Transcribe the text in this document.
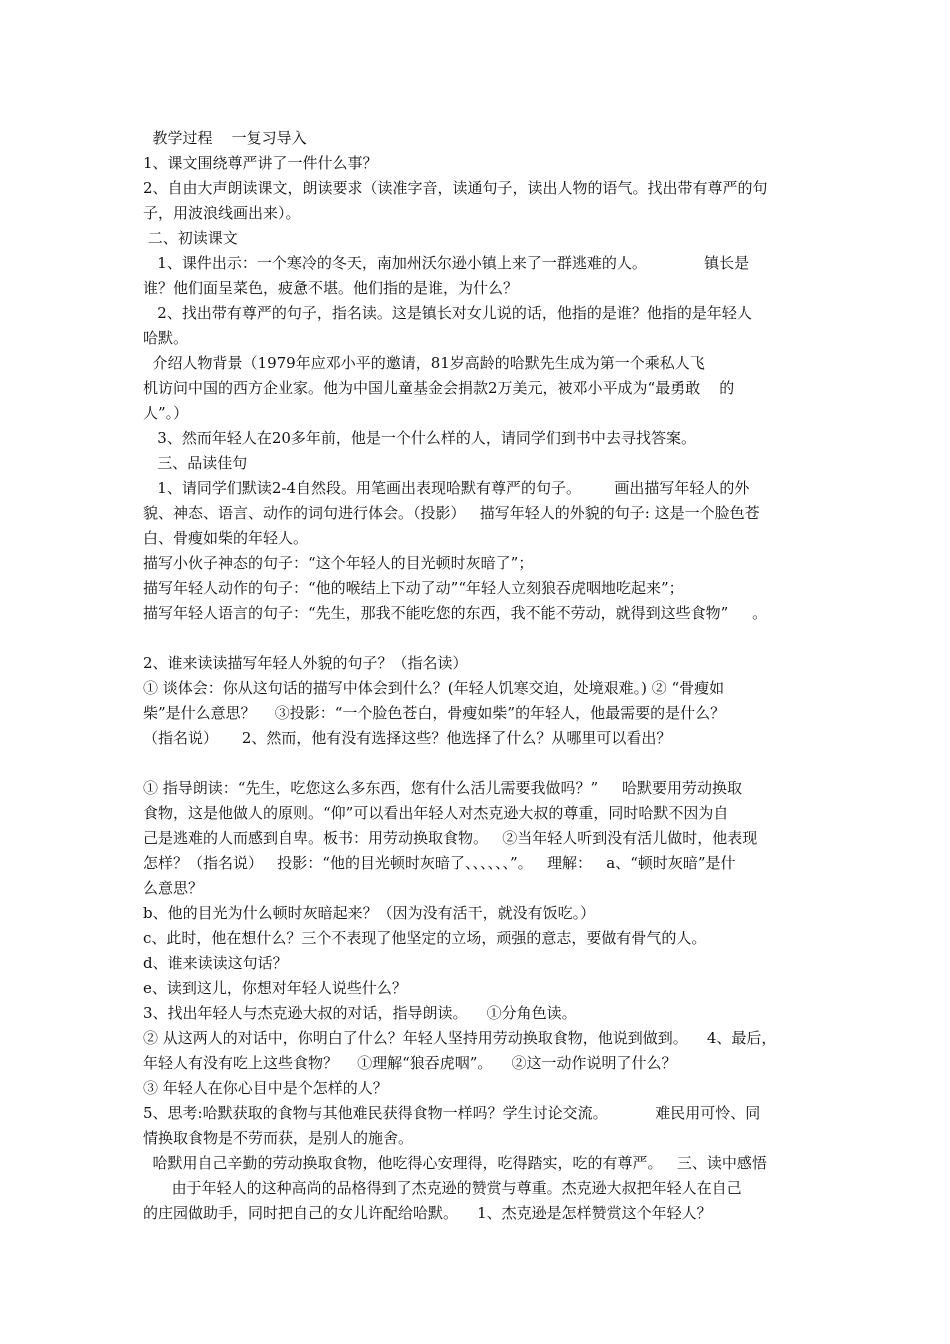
教学过程    一复习导入
1、课文围绕尊严讲了一件什么事？
2、自由大声朗读课文，朗读要求（读准字音，读通句子，读出人物的语气。找出带有尊严的句
子，用波浪线画出来）。
二、初读课文
1、课件出示：一个寒冷的冬天，南加州沃尔逊小镇上来了一群逃难的人。            镇长是
谁？他们面呈菜色，疲惫不堪。他们指的是谁，为什么？
2、找出带有尊严的句子，指名读。这是镇长对女儿说的话，他指的是谁？他指的是年轻人
哈默。
介绍人物背景（1979年应邓小平的邀请，81岁高龄的哈默先生成为第一个乘私人飞
机访问中国的西方企业家。他为中国儿童基金会捐款2万美元，被邓小平成为“最勇敢    的
人”。）
3、然而年轻人在20多年前，他是一个什么样的人，请同学们到书中去寻找答案。
三、品读佳句
1、请同学们默读2-4自然段。用笔画出表现哈默有尊严的句子。       画出描写年轻人的外
貌、神态、语言、动作的词句进行体会。（投影）   描写年轻人的外貌的句子: 这是一个脸色苍
白、骨瘦如柴的年轻人。
描写小伙子神态的句子：“这个年轻人的目光顿时灰暗了”；
描写年轻人动作的句子：“他的喉结上下动了动”“年轻人立刻狼吞虎咽地吃起来”；
描写年轻人语言的句子：“先生，那我不能吃您的东西，我不能不劳动，就得到这些食物”     。
2、谁来读读描写年轻人外貌的句子？（指名读）
① 谈体会：你从这句话的描写中体会到什么？(年轻人饥寒交迫，处境艰难。) ② “骨瘦如
柴”是什么意思？    ③投影：“一个脸色苍白，骨瘦如柴”的年轻人，他最需要的是什么？
（指名说）     2、然而，他有没有选择这些？他选择了什么？从哪里可以看出？
① 指导朗读：“先生，吃您这么多东西，您有什么活儿需要我做吗？”     哈默要用劳动换取
食物，这是他做人的原则。“仰”可以看出年轻人对杰克逊大叔的尊重，同时哈默不因为自
己是逃难的人而感到自卑。板书：用劳动换取食物。   ②当年轻人听到没有活儿做时，他表现
怎样？（指名说）   投影：“他的目光顿时灰暗了、、、、、、”。   理解：   a、“顿时灰暗”是什
么意思？
b、他的目光为什么顿时灰暗起来？（因为没有活干，就没有饭吃。）
c、此时，他在想什么？三个不表现了他坚定的立场，顽强的意志，要做有骨气的人。
d、谁来读读这句话？
e、读到这儿，你想对年轻人说些什么？
3、找出年轻人与杰克逊大叔的对话，指导朗读。    ①分角色读。
② 从这两人的对话中，你明白了什么？年轻人坚持用劳动换取食物，他说到做到。    4、最后，
年轻人有没有吃上这些食物？    ①理解“狼吞虎咽”。    ②这一动作说明了什么？
③ 年轻人在你心目中是个怎样的人？
5、思考:哈默获取的食物与其他难民获得食物一样吗？学生讨论交流。          难民用可怜、同
情换取食物是不劳而获，是别人的施舍。
哈默用自己辛勤的劳动换取食物，他吃得心安理得，吃得踏实，吃的有尊严。   三、读中感悟
由于年轻人的这种高尚的品格得到了杰克逊的赞赏与尊重。杰克逊大叔把年轻人在自己
的庄园做助手，同时把自己的女儿许配给哈默。    1、杰克逊是怎样赞赏这个年轻人？
